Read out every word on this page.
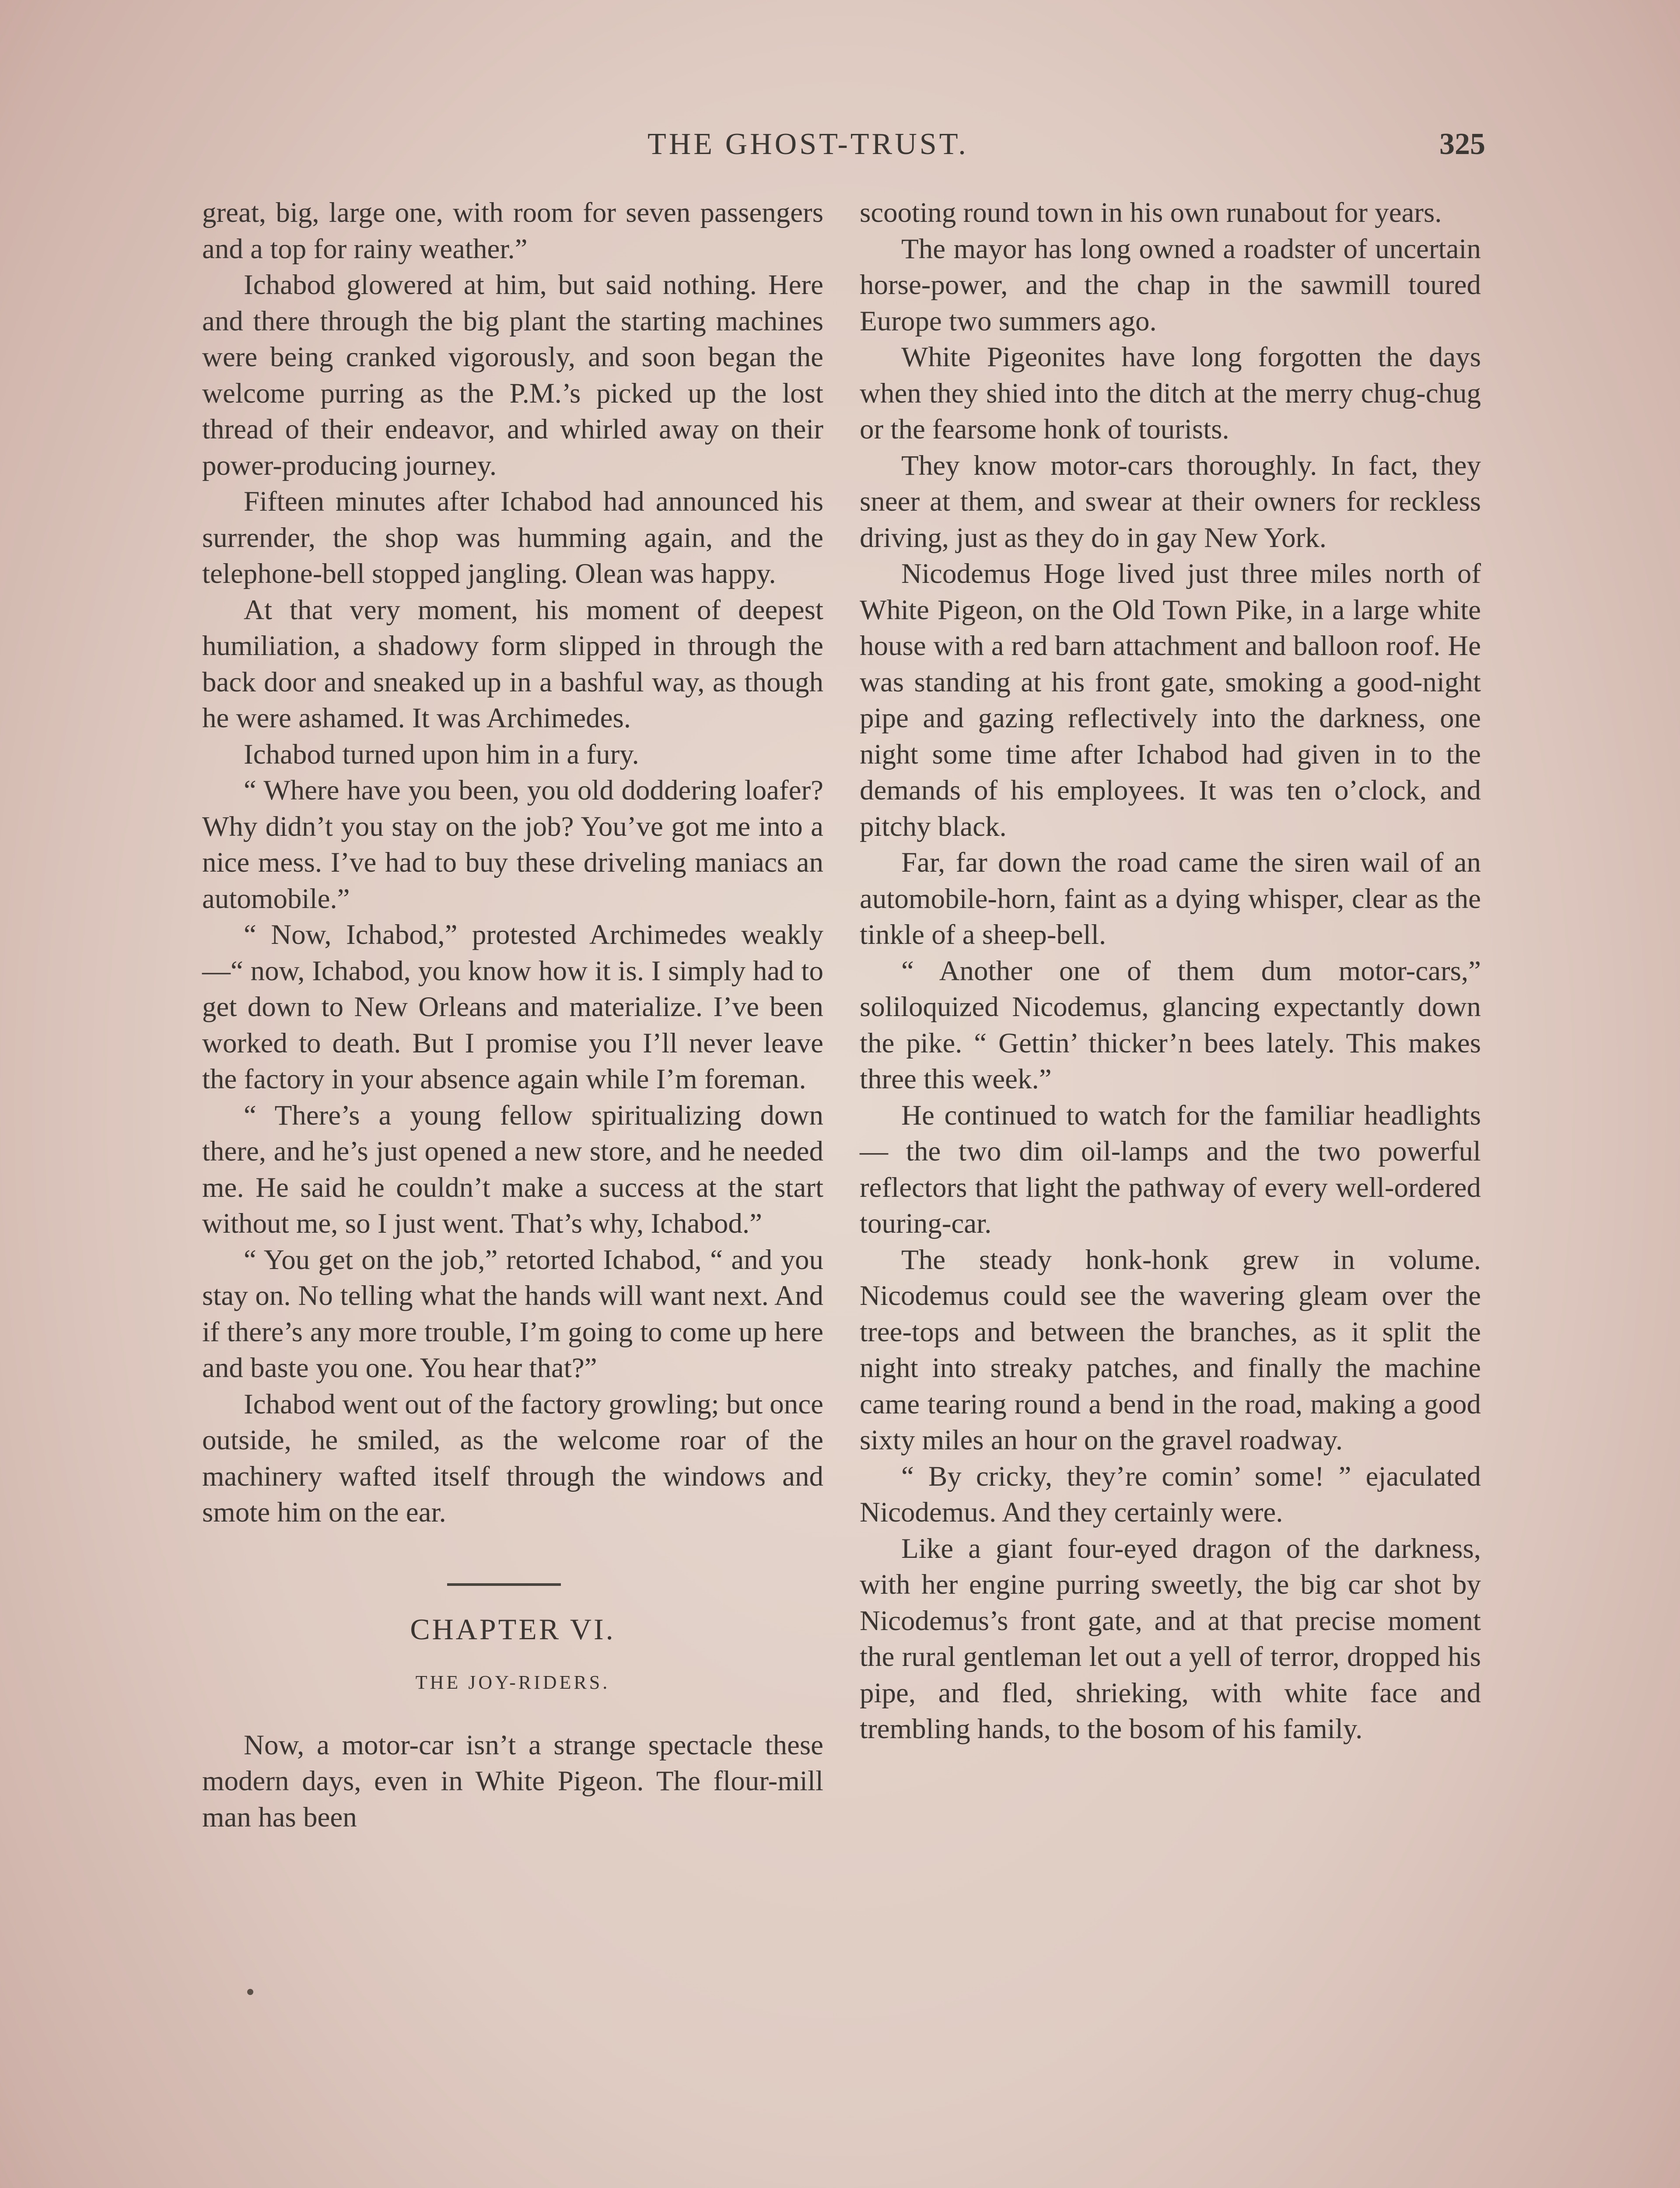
THE GHOST-TRUST.	325

great, big, large one, with room for seven passengers and a top for rainy weather.”

Ichabod glowered at him, but said nothing. Here and there through the big plant the starting machines were being cranked vigorously, and soon began the welcome purring as the P.M.’s picked up the lost thread of their endeavor, and whirled away on their power-producing journey.

Fifteen minutes after Ichabod had announced his surrender, the shop was humming again, and the telephone-bell stopped jangling. Olean was happy.

At that very moment, his moment of deepest humiliation, a shadowy form slipped in through the back door and sneaked up in a bashful way, as though he were ashamed. It was Archimedes.

Ichabod turned upon him in a fury.

“ Where have you been, you old doddering loafer? Why didn’t you stay on the job? You’ve got me into a nice mess. I’ve had to buy these driveling maniacs an automobile.”

“ Now, Ichabod,” protested Archimedes weakly—“ now, Ichabod, you know how it is. I simply had to get down to New Orleans and materialize. I’ve been worked to death. But I promise you I’ll never leave the factory in your absence again while I’m foreman.

“ There’s a young fellow spiritualizing down there, and he’s just opened a new store, and he needed me. He said he couldn’t make a success at the start without me, so I just went. That’s why, Ichabod.”

“ You get on the job,” retorted Ichabod, “ and you stay on. No telling what the hands will want next. And if there’s any more trouble, I’m going to come up here and baste you one. You hear that?”

Ichabod went out of the factory growling; but once outside, he smiled, as the welcome roar of the machinery wafted itself through the windows and smote him on the ear.

CHAPTER VI.
THE JOY-RIDERS.

Now, a motor-car isn’t a strange spectacle these modern days, even in White Pigeon. The flour-mill man has been

scooting round town in his own runabout for years.

The mayor has long owned a roadster of uncertain horse-power, and the chap in the sawmill toured Europe two summers ago.

White Pigeonites have long forgotten the days when they shied into the ditch at the merry chug-chug or the fearsome honk of tourists.

They know motor-cars thoroughly. In fact, they sneer at them, and swear at their owners for reckless driving, just as they do in gay New York.

Nicodemus Hoge lived just three miles north of White Pigeon, on the Old Town Pike, in a large white house with a red barn attachment and balloon roof. He was standing at his front gate, smoking a good-night pipe and gazing reflectively into the darkness, one night some time after Ichabod had given in to the demands of his employees. It was ten o’clock, and pitchy black.

Far, far down the road came the siren wail of an automobile-horn, faint as a dying whisper, clear as the tinkle of a sheep-bell.

“ Another one of them dum motor-cars,” soliloquized Nicodemus, glancing expectantly down the pike. “ Gettin’ thicker’n bees lately. This makes three this week.”

He continued to watch for the familiar headlights — the two dim oil-lamps and the two powerful reflectors that light the pathway of every well-ordered touring-car.

The steady honk-honk grew in volume. Nicodemus could see the wavering gleam over the tree-tops and between the branches, as it split the night into streaky patches, and finally the machine came tearing round a bend in the road, making a good sixty miles an hour on the gravel roadway.

“ By cricky, they’re comin’ some! ” ejaculated Nicodemus. And they certainly were.

Like a giant four-eyed dragon of the darkness, with her engine purring sweetly, the big car shot by Nicodemus’s front gate, and at that precise moment the rural gentleman let out a yell of terror, dropped his pipe, and fled, shrieking, with white face and trembling hands, to the bosom of his family.
